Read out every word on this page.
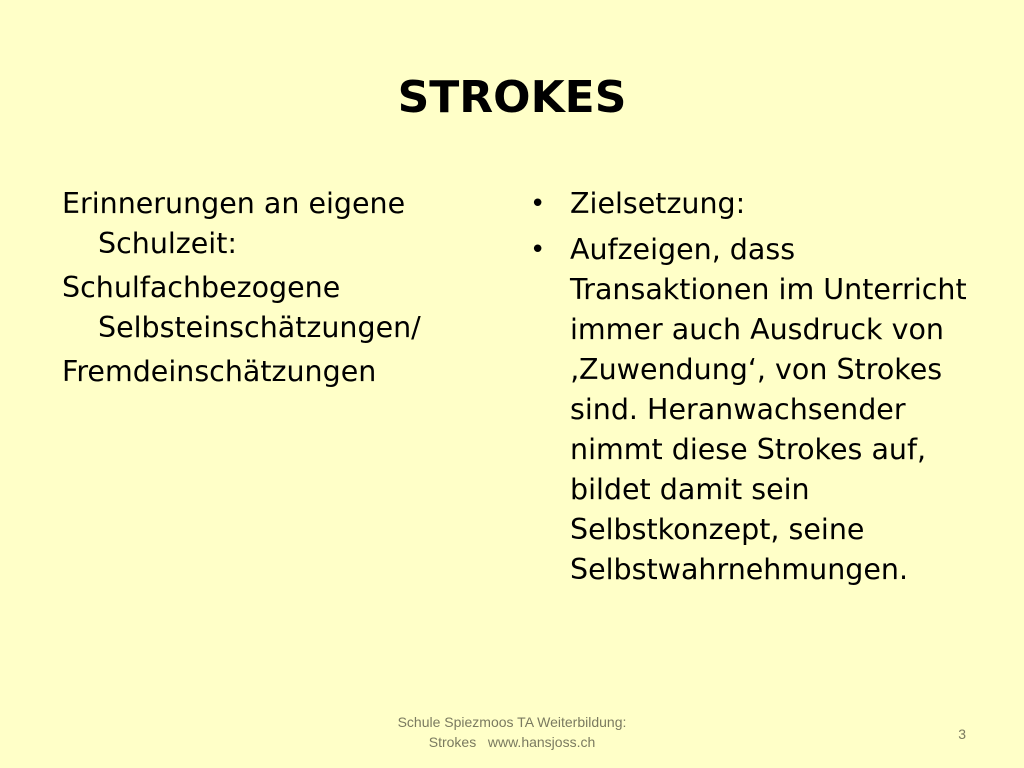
STROKES

Erinnerungen an eigene Schulzeit:

Schulfachbezogene Selbsteinschätzungen/

Fremdeinschätzungen

• Zielsetzung:
• Aufzeigen, dass Transaktionen im Unterricht immer auch Ausdruck von ‚Zuwendung‘, von Strokes sind. Heranwachsender nimmt diese Strokes auf, bildet damit sein Selbstkonzept, seine Selbstwahrnehmungen.
Schule Spiezmoos TA Weiterbildung:
Strokes   www.hansjoss.ch	3
